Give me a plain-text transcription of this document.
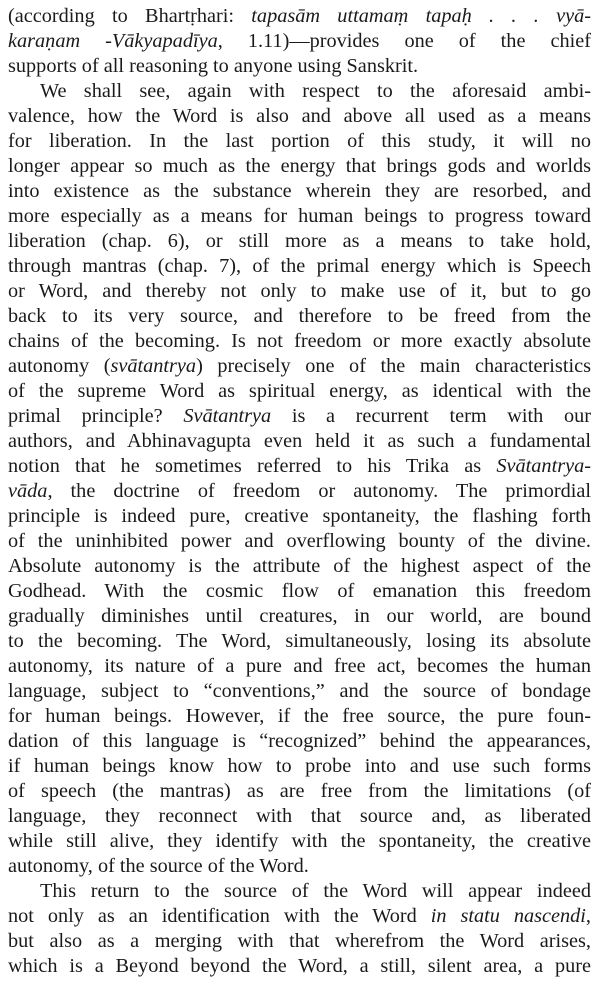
(according to Bhartṛhari: tapasām uttamaṃ tapaḥ . . . vyā-
karaṇam -Vākyapadīya, 1.11)—provides one of the chief
supports of all reasoning to anyone using Sanskrit.
We shall see, again with respect to the aforesaid ambi-
valence, how the Word is also and above all used as a means
for liberation. In the last portion of this study, it will no
longer appear so much as the energy that brings gods and worlds
into existence as the substance wherein they are resorbed, and
more especially as a means for human beings to progress toward
liberation (chap. 6), or still more as a means to take hold,
through mantras (chap. 7), of the primal energy which is Speech
or Word, and thereby not only to make use of it, but to go
back to its very source, and therefore to be freed from the
chains of the becoming. Is not freedom or more exactly absolute
autonomy (svātantrya) precisely one of the main characteristics
of the supreme Word as spiritual energy, as identical with the
primal principle? Svātantrya is a recurrent term with our
authors, and Abhinavagupta even held it as such a fundamental
notion that he sometimes referred to his Trika as Svātantrya-
vāda, the doctrine of freedom or autonomy. The primordial
principle is indeed pure, creative spontaneity, the flashing forth
of the uninhibited power and overflowing bounty of the divine.
Absolute autonomy is the attribute of the highest aspect of the
Godhead. With the cosmic flow of emanation this freedom
gradually diminishes until creatures, in our world, are bound
to the becoming. The Word, simultaneously, losing its absolute
autonomy, its nature of a pure and free act, becomes the human
language, subject to “conventions,” and the source of bondage
for human beings. However, if the free source, the pure foun-
dation of this language is “recognized” behind the appearances,
if human beings know how to probe into and use such forms
of speech (the mantras) as are free from the limitations (of
language, they reconnect with that source and, as liberated
while still alive, they identify with the spontaneity, the creative
autonomy, of the source of the Word.
This return to the source of the Word will appear indeed
not only as an identification with the Word in statu nascendi,
but also as a merging with that wherefrom the Word arises,
which is a Beyond beyond the Word, a still, silent area, a pure
